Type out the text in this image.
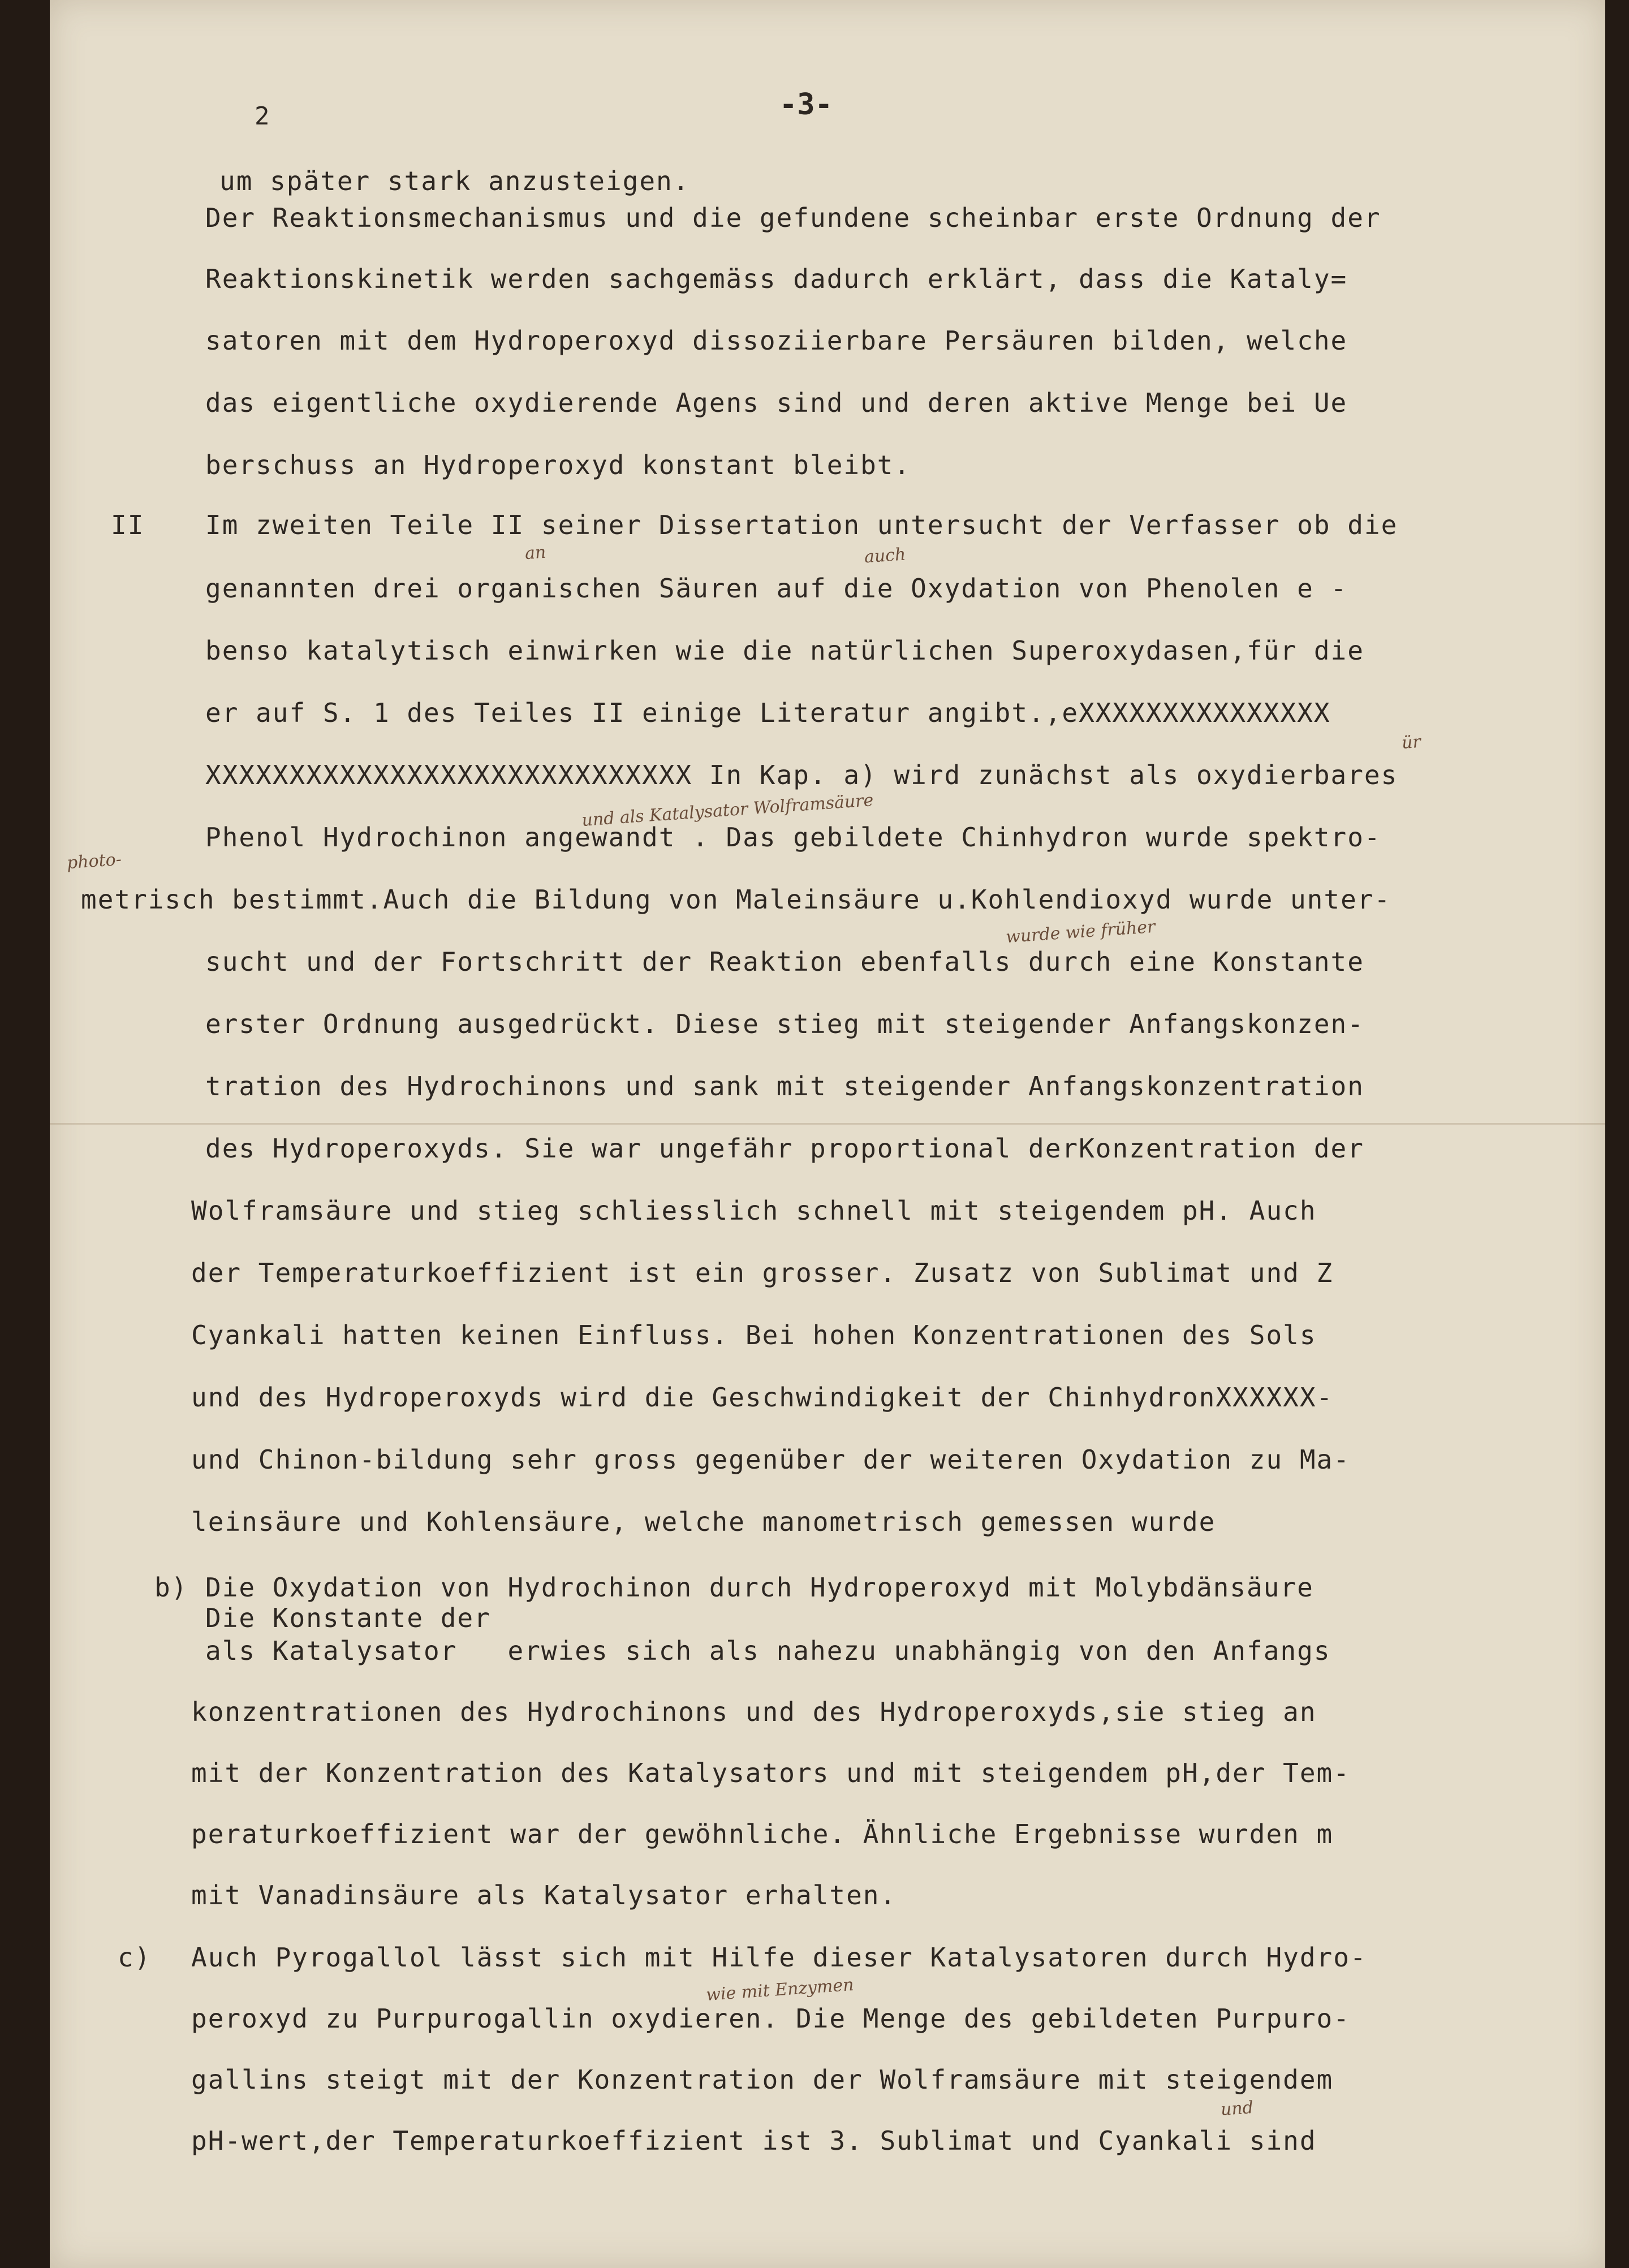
2	-3-

II

b)

c)

um später stark anzusteigen.

Der Reaktionsmechanismus und die gefundene scheinbar erste Ordnung der

Reaktionskinetik werden sachgemäss dadurch erklärt, dass die Kataly=

satoren mit dem Hydroperoxyd dissoziierbare Persäuren bilden, welche

das eigentliche oxydierende Agens sind und deren aktive Menge bei Ue

berschuss an Hydroperoxyd konstant bleibt.

Im zweiten Teile II seiner Dissertation untersucht der Verfasser ob die

genannten drei organischen Säuren auf die Oxydation von Phenolen e -

benso katalytisch einwirken wie die natürlichen Superoxydasen,für die

er auf S. 1 des Teiles II einige Literatur angibt.,eXXXXXXXXXXXXXXX

XXXXXXXXXXXXXXXXXXXXXXXXXXXXX In Kap. a) wird zunächst als oxydierbares

Phenol Hydrochinon angewandt . Das gebildete Chinhydron wurde spektro-

metrisch bestimmt.Auch die Bildung von Maleinsäure u.Kohlendioxyd wurde unter-

sucht und der Fortschritt der Reaktion ebenfalls durch eine Konstante

erster Ordnung ausgedrückt. Diese stieg mit steigender Anfangskonzen-

tration des Hydrochinons und sank mit steigender Anfangskonzentration

des Hydroperoxyds. Sie war ungefähr proportional derKonzentration der

Wolframsäure und stieg schliesslich schnell mit steigendem pH. Auch

der Temperaturkoeffizient ist ein grosser. Zusatz von Sublimat und Z

Cyankali hatten keinen Einfluss. Bei hohen Konzentrationen des Sols

und des Hydroperoxyds wird die Geschwindigkeit der ChinhydronXXXXXX-

und Chinon-bildung sehr gross gegenüber der weiteren Oxydation zu Ma-

leinsäure und Kohlensäure, welche manometrisch gemessen wurde

Die Oxydation von Hydrochinon durch Hydroperoxyd mit Molybdänsäure

Die Konstante der

als Katalysator   erwies sich als nahezu unabhängig von den Anfangs

konzentrationen des Hydrochinons und des Hydroperoxyds,sie stieg an

mit der Konzentration des Katalysators und mit steigendem pH,der Tem-

peraturkoeffizient war der gewöhnliche. Ähnliche Ergebnisse wurden m

mit Vanadinsäure als Katalysator erhalten.

Auch Pyrogallol lässt sich mit Hilfe dieser Katalysatoren durch Hydro-

peroxyd zu Purpurogallin oxydieren. Die Menge des gebildeten Purpuro-

gallins steigt mit der Konzentration der Wolframsäure mit steigendem

pH-wert,der Temperaturkoeffizient ist 3. Sublimat und Cyankali sind

an	auch

ür

und als Katalysator Wolframsäure

photo-

wurde wie früher

wie mit Enzymen

und
